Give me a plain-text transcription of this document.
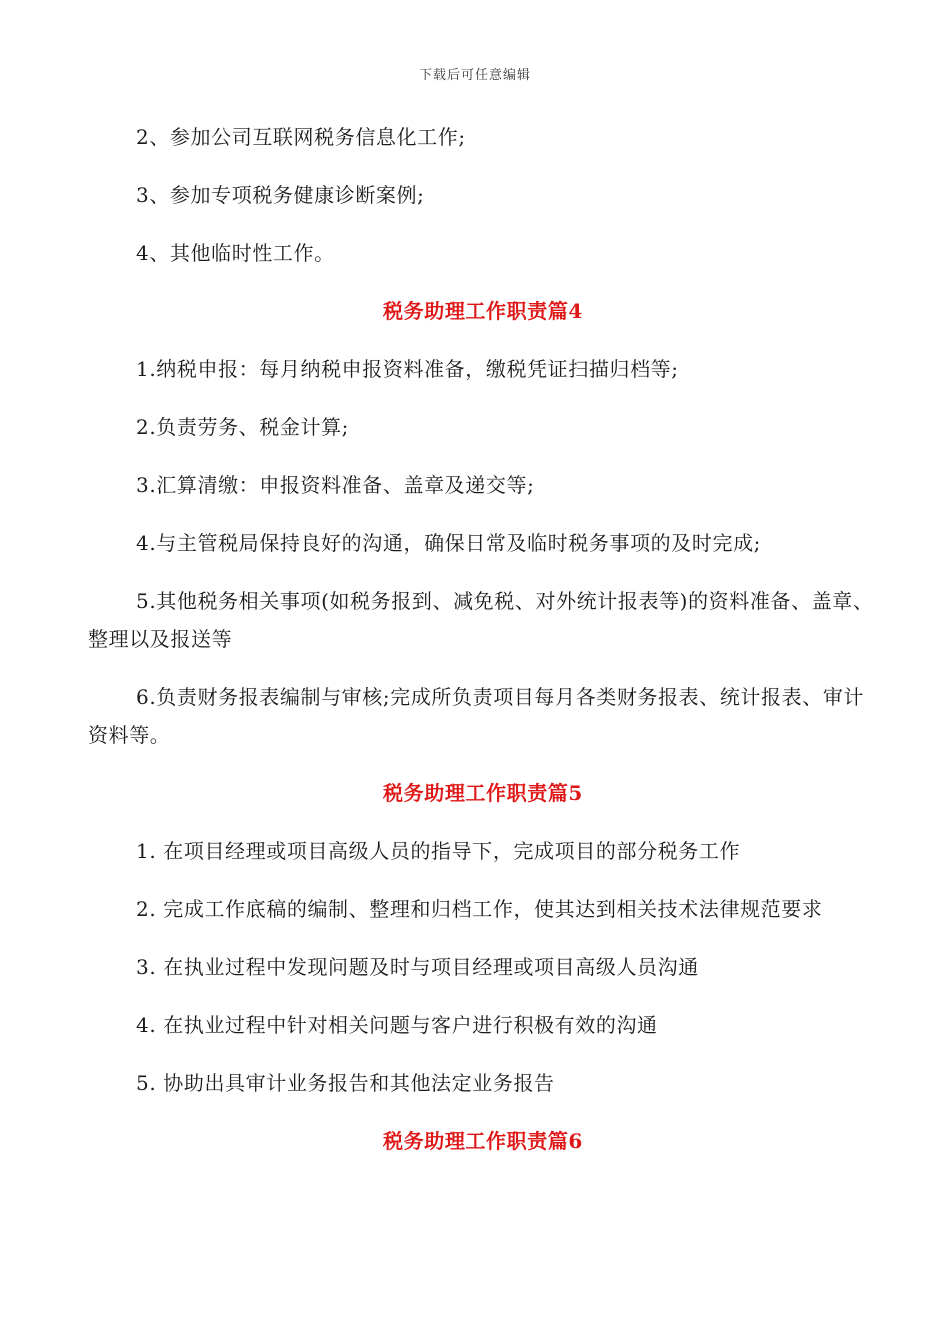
下载后可任意编辑

2、参加公司互联网税务信息化工作;

3、参加专项税务健康诊断案例;

4、其他临时性工作。

税务助理工作职责篇4

1.纳税申报：每月纳税申报资料准备，缴税凭证扫描归档等;

2.负责劳务、税金计算;

3.汇算清缴：申报资料准备、盖章及递交等;

4.与主管税局保持良好的沟通，确保日常及临时税务事项的及时完成;

5.其他税务相关事项(如税务报到、减免税、对外统计报表等)的资料准备、盖章、整理以及报送等

6.负责财务报表编制与审核;完成所负责项目每月各类财务报表、统计报表、审计资料等。

税务助理工作职责篇5

1. 在项目经理或项目高级人员的指导下，完成项目的部分税务工作

2. 完成工作底稿的编制、整理和归档工作，使其达到相关技术法律规范要求

3. 在执业过程中发现问题及时与项目经理或项目高级人员沟通

4. 在执业过程中针对相关问题与客户进行积极有效的沟通

5. 协助出具审计业务报告和其他法定业务报告

税务助理工作职责篇6
